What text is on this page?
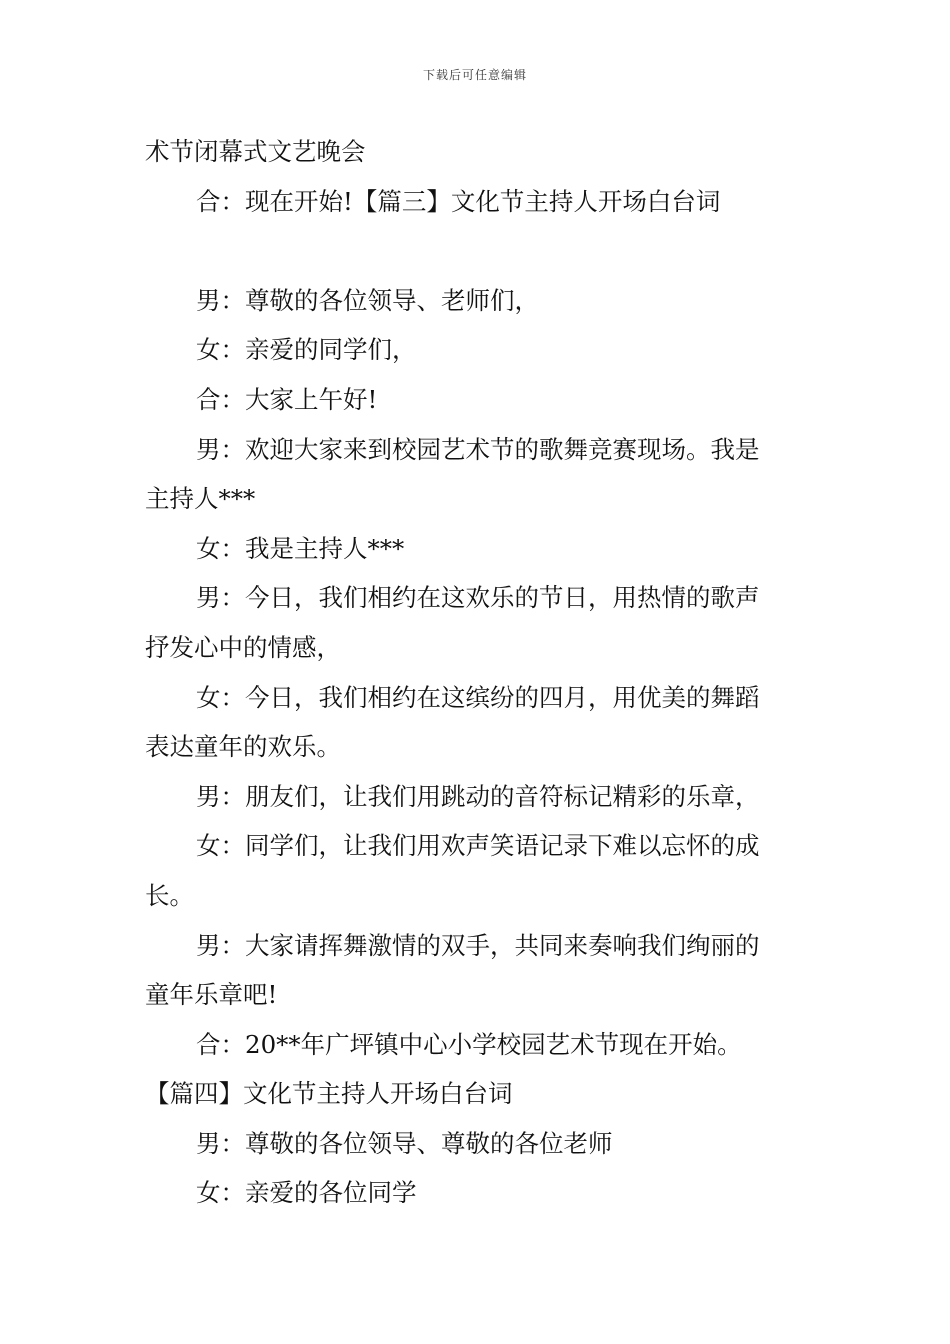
下载后可任意编辑
术节闭幕式文艺晚会
合：现在开始!【篇三】文化节主持人开场白台词
男：尊敬的各位领导、老师们，
女：亲爱的同学们，
合：大家上午好!
男：欢迎大家来到校园艺术节的歌舞竞赛现场。我是
主持人***
女：我是主持人***
男：今日，我们相约在这欢乐的节日，用热情的歌声
抒发心中的情感，
女：今日，我们相约在这缤纷的四月，用优美的舞蹈
表达童年的欢乐。
男：朋友们，让我们用跳动的音符标记精彩的乐章，
女：同学们，让我们用欢声笑语记录下难以忘怀的成
长。
男：大家请挥舞激情的双手，共同来奏响我们绚丽的
童年乐章吧!
合：20**年广坪镇中心小学校园艺术节现在开始。
【篇四】文化节主持人开场白台词
男：尊敬的各位领导、尊敬的各位老师
女：亲爱的各位同学
